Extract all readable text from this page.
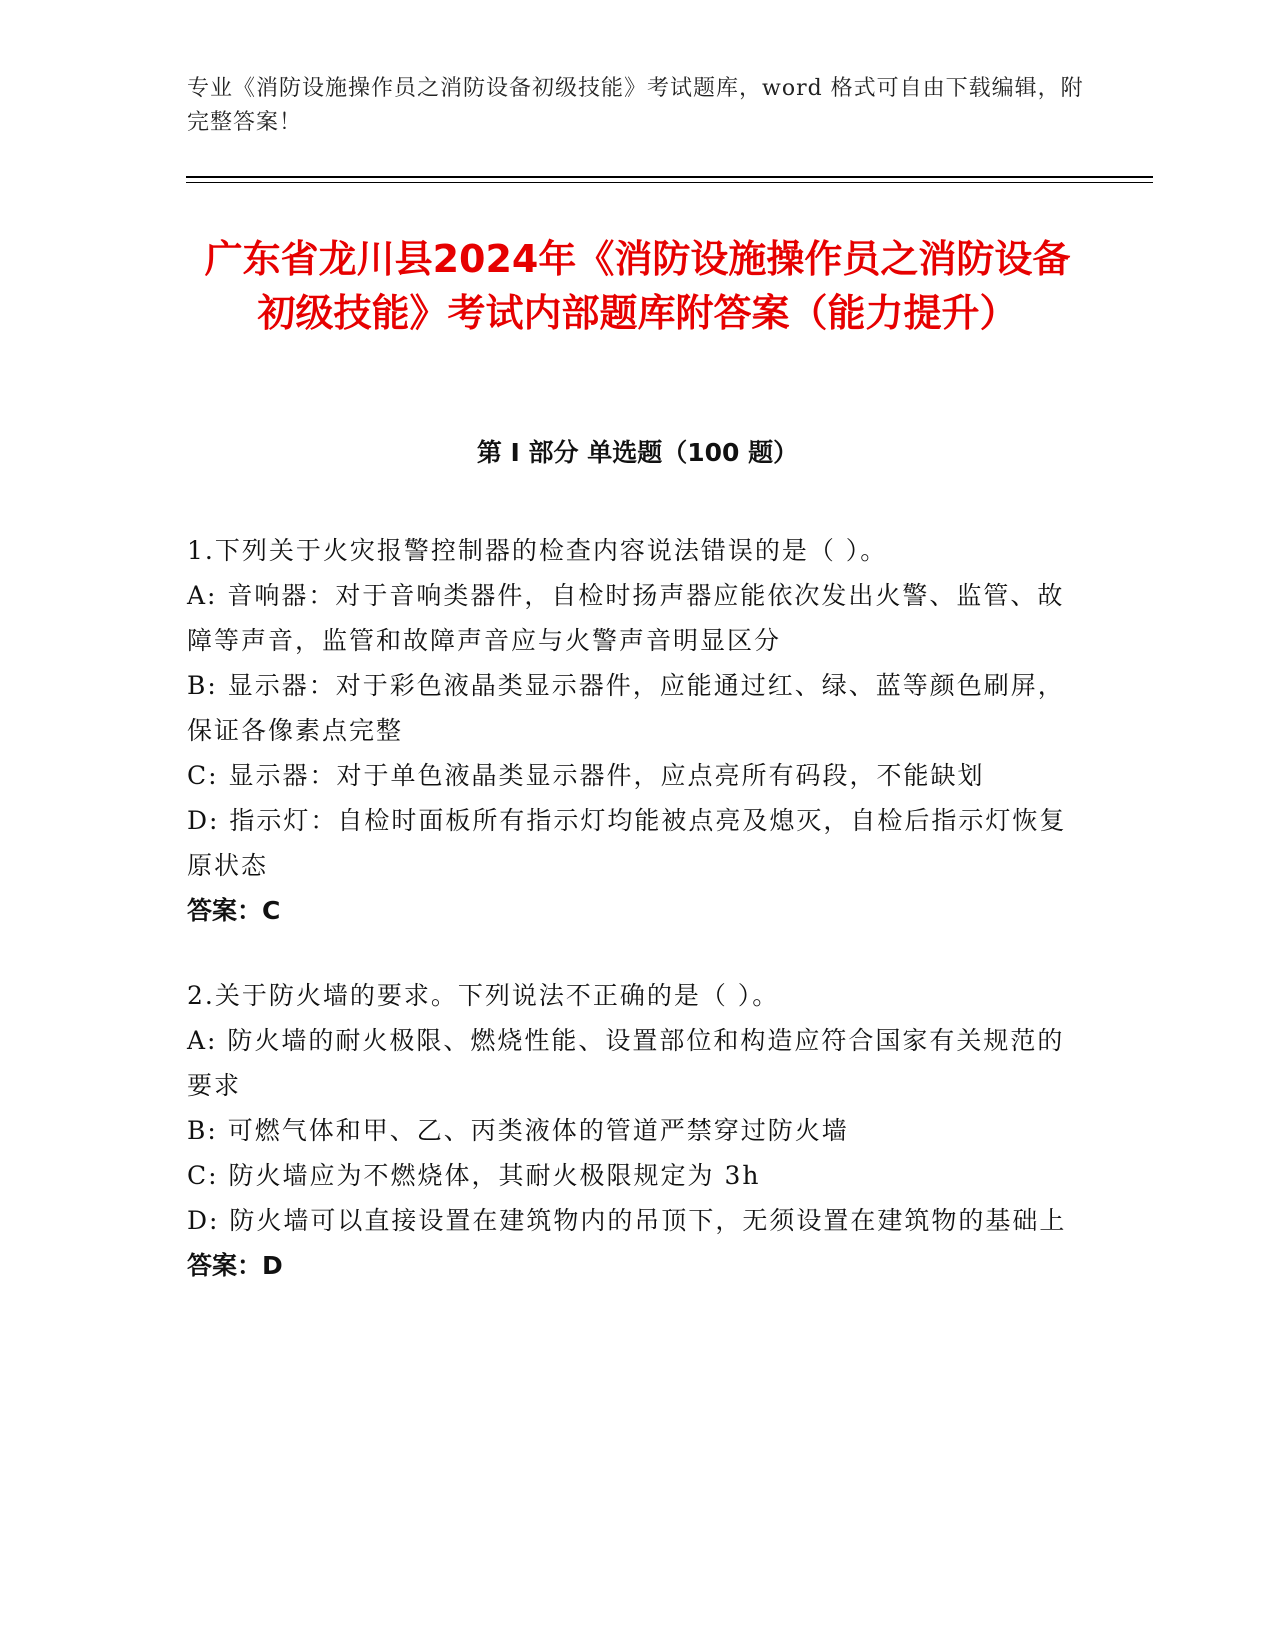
专业《消防设施操作员之消防设备初级技能》考试题库，word 格式可自由下载编辑，附完整答案！
广东省龙川县2024年《消防设施操作员之消防设备初级技能》考试内部题库附答案（能力提升）
第 I 部分 单选题（100 题）

1.下列关于火灾报警控制器的检查内容说法错误的是（ ）。

A: 音响器：对于音响类器件，自检时扬声器应能依次发出火警、监管、故障等声音，监管和故障声音应与火警声音明显区分

B: 显示器：对于彩色液晶类显示器件，应能通过红、绿、蓝等颜色刷屏，保证各像素点完整

C: 显示器：对于单色液晶类显示器件，应点亮所有码段，不能缺划

D: 指示灯：自检时面板所有指示灯均能被点亮及熄灭，自检后指示灯恢复原状态

答案：C

2.关于防火墙的要求。下列说法不正确的是（ ）。

A: 防火墙的耐火极限、燃烧性能、设置部位和构造应符合国家有关规范的要求

B: 可燃气体和甲、乙、丙类液体的管道严禁穿过防火墙

C: 防火墙应为不燃烧体，其耐火极限规定为 3h

D: 防火墙可以直接设置在建筑物内的吊顶下，无须设置在建筑物的基础上

答案：D
